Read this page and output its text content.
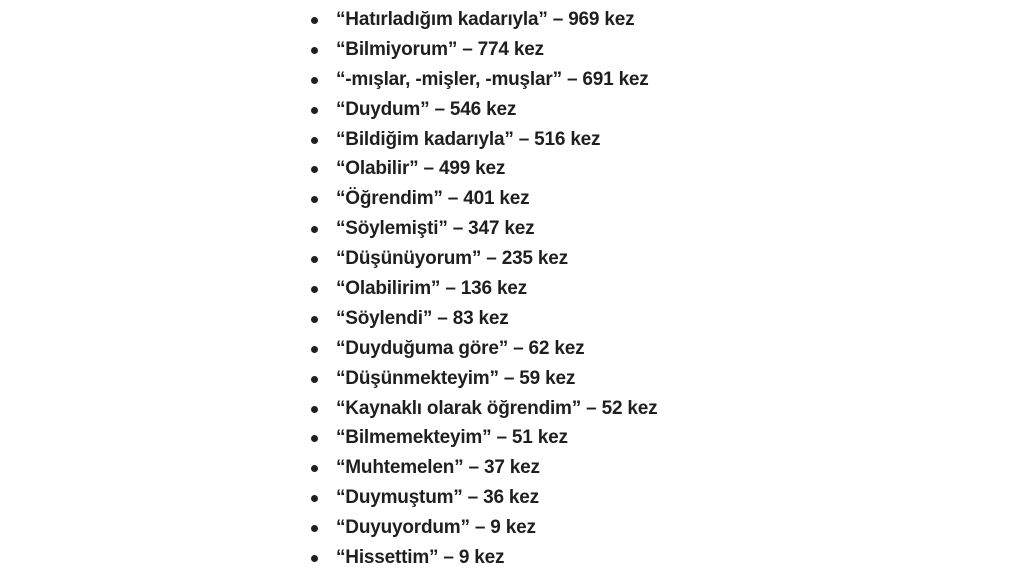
“Hatırladığım kadarıyla” – 969 kez
“Bilmiyorum” – 774 kez
“-mışlar, -mişler, -muşlar” – 691 kez
“Duydum” – 546 kez
“Bildiğim kadarıyla” – 516 kez
“Olabilir” – 499 kez
“Öğrendim” – 401 kez
“Söylemişti” – 347 kez
“Düşünüyorum” – 235 kez
“Olabilirim” – 136 kez
“Söylendi” – 83 kez
“Duyduğuma göre” – 62 kez
“Düşünmekteyim” – 59 kez
“Kaynaklı olarak öğrendim” – 52 kez
“Bilmemekteyim” – 51 kez
“Muhtemelen” – 37 kez
“Duymuştum” – 36 kez
“Duyuyordum” – 9 kez
“Hissettim” – 9 kez
